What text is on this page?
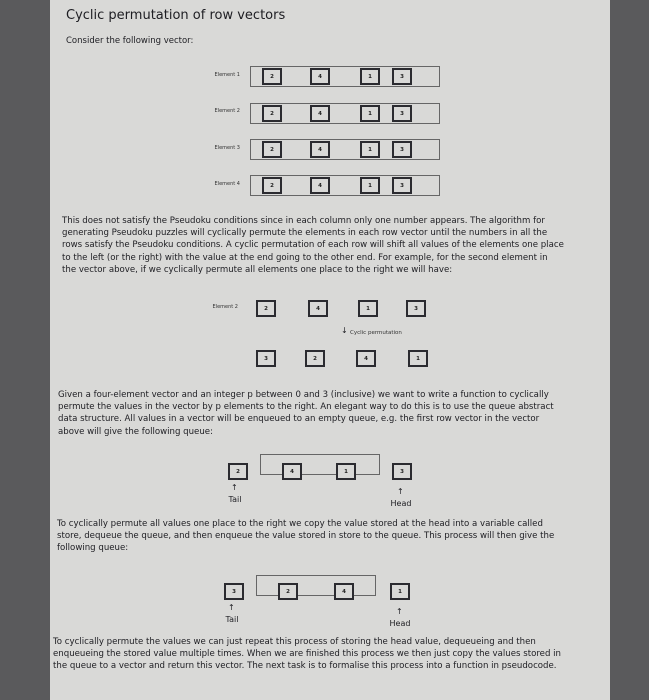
Cyclic permutation of row vectors
Consider the following vector:
Element 1	2	4	1	3
Element 2	2	4	1	3
Element 3	2	4	1	3
Element 4	2	4	1	3
This does not satisfy the Pseudoku conditions since in each column only one number appears. The algorithm for
generating Pseudoku puzzles will cyclically permute the elements in each row vector until the numbers in all the
rows satisfy the Pseudoku conditions. A cyclic permutation of each row will shift all values of the elements one place
to the left (or the right) with the value at the end going to the other end. For example, for the second element in
the vector above, if we cyclically permute all elements one place to the right we will have:
Element 2	2	4	1	3
↓ Cyclic permutation
3	2	4	1
Given a four-element vector and an integer p between 0 and 3 (inclusive) we want to write a function to cyclically
permute the values in the vector by p elements to the right. An elegant way to do this is to use the queue abstract
data structure. All values in a vector will be enqueued to an empty queue, e.g. the first row vector in the vector
above will give the following queue:
2	4	1	3
↑
Tail
↑
Head
To cyclically permute all values one place to the right we copy the value stored at the head into a variable called
store, dequeue the queue, and then enqueue the value stored in store to the queue. This process will then give the
following queue:
3	2	4	1
↑
Tail
↑
Head
To cyclically permute the values we can just repeat this process of storing the head value, dequeueing and then
enqueueing the stored value multiple times. When we are finished this process we then just copy the values stored in
the queue to a vector and return this vector. The next task is to formalise this process into a function in pseudocode.
